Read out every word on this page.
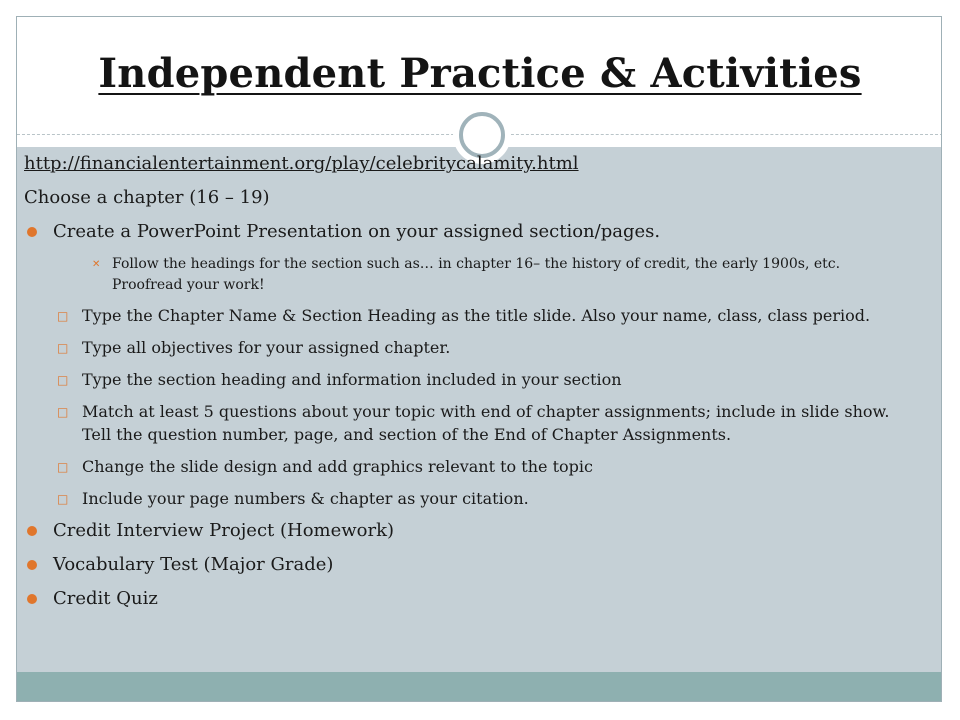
Independent Practice & Activities
http://financialentertainment.org/play/celebritycalamity.html
Choose a chapter (16 – 19)
Create a PowerPoint Presentation on your assigned section/pages.
✕ Follow the headings for the section such as… in chapter 16– the history of credit, the early 1900s, etc. Proofread your work!
□ Type the Chapter Name & Section Heading as the title slide. Also your name, class, class period.
□ Type all objectives for your assigned chapter.
□ Type the section heading and information included in your section
□ Match at least 5 questions about your topic with end of chapter assignments; include in slide show. Tell the question number, page, and section of the End of Chapter Assignments.
□ Change the slide design and add graphics relevant to the topic
□ Include your page numbers & chapter as your citation.
Credit Interview Project (Homework)
Vocabulary Test (Major Grade)
Credit Quiz
